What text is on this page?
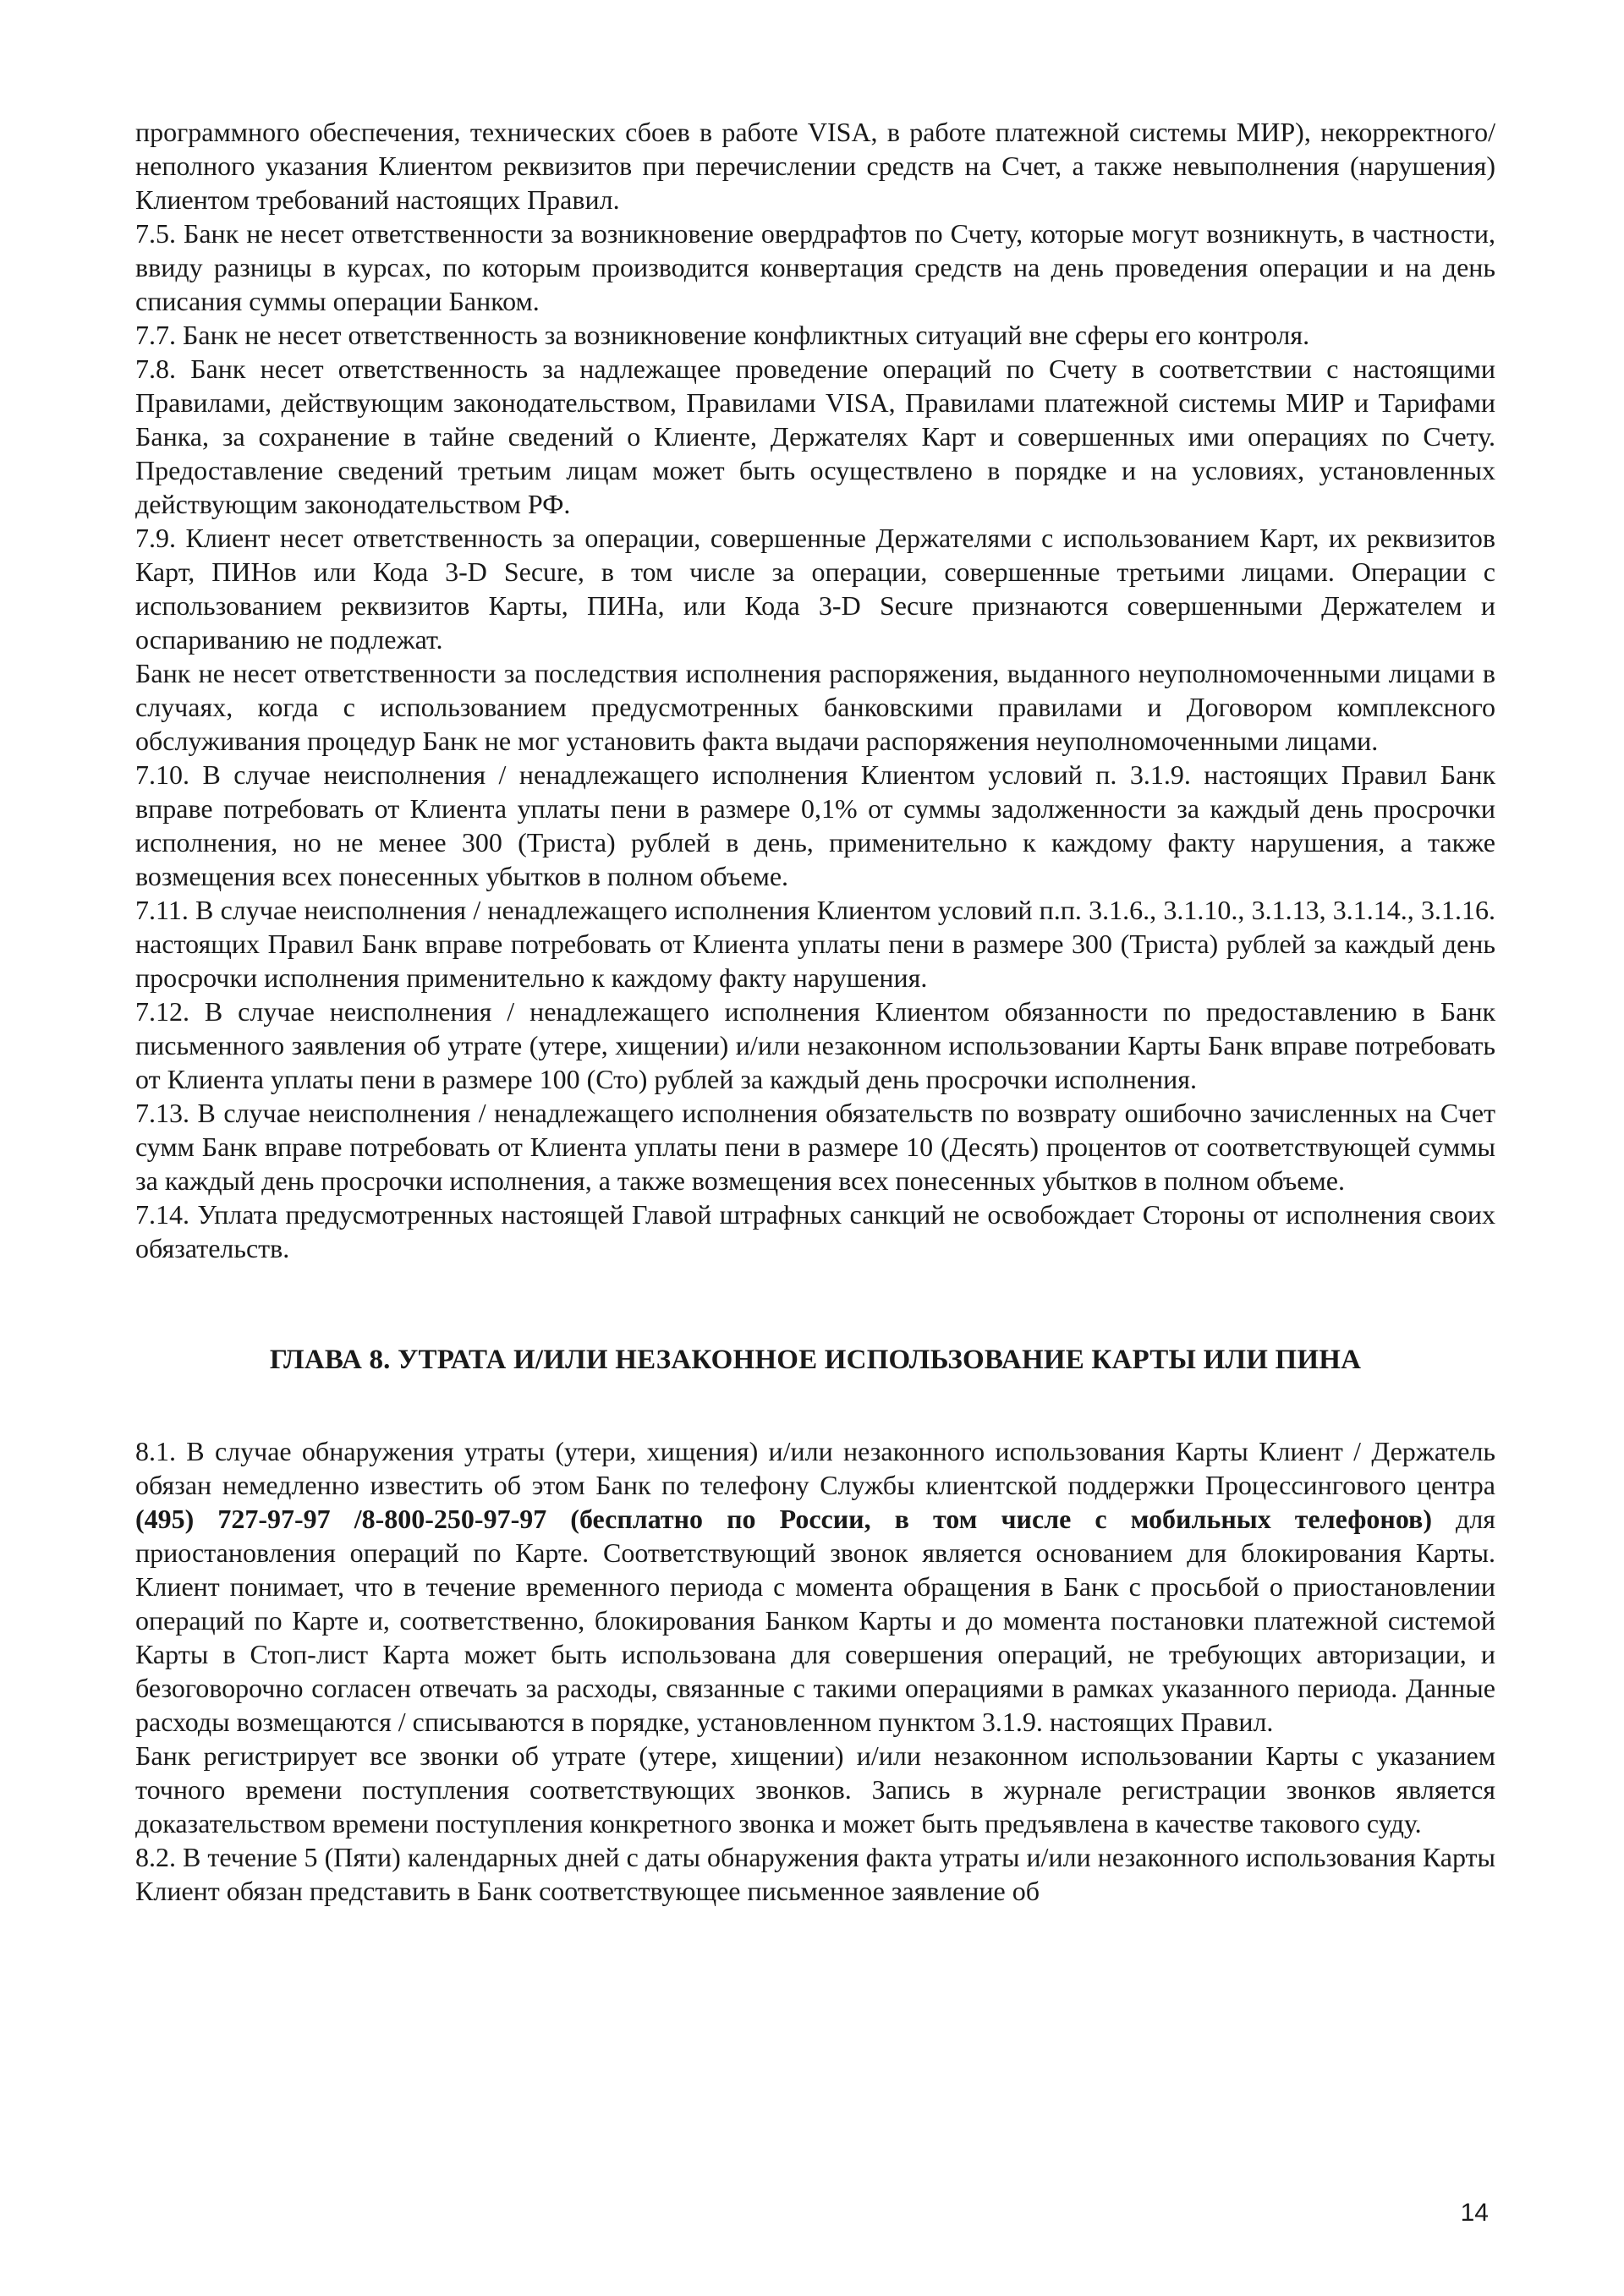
программного обеспечения, технических сбоев в работе VISA, в работе платежной системы МИР), некорректного/неполного указания Клиентом реквизитов при перечислении средств на Счет, а также невыполнения (нарушения) Клиентом требований настоящих Правил.

7.5. Банк не несет ответственности за возникновение овердрафтов по Счету, которые могут возникнуть, в частности, ввиду разницы в курсах, по которым производится конвертация средств на день проведения операции и на день списания суммы операции Банком.

7.7. Банк не несет ответственность за возникновение конфликтных ситуаций вне сферы его контроля.

7.8. Банк несет ответственность за надлежащее проведение операций по Счету в соответствии с настоящими Правилами, действующим законодательством, Правилами VISA, Правилами платежной системы МИР и Тарифами Банка, за сохранение в тайне сведений о Клиенте, Держателях Карт и совершенных ими операциях по Счету. Предоставление сведений третьим лицам может быть осуществлено в порядке и на условиях, установленных действующим законодательством РФ.

7.9. Клиент несет ответственность за операции, совершенные Держателями с использованием Карт, их реквизитов Карт, ПИНов или Кода 3-D Secure, в том числе за операции, совершенные третьими лицами. Операции с использованием реквизитов Карты, ПИНа, или Кода 3-D Secure признаются совершенными Держателем и оспариванию не подлежат.

Банк не несет ответственности за последствия исполнения распоряжения, выданного неуполномоченными лицами в случаях, когда с использованием предусмотренных банковскими правилами и Договором комплексного обслуживания процедур Банк не мог установить факта выдачи распоряжения неуполномоченными лицами.

7.10. В случае неисполнения / ненадлежащего исполнения Клиентом условий п. 3.1.9. настоящих Правил Банк вправе потребовать от Клиента уплаты пени в размере 0,1% от суммы задолженности за каждый день просрочки исполнения, но не менее 300 (Триста) рублей в день, применительно к каждому факту нарушения, а также возмещения всех понесенных убытков в полном объеме.

7.11. В случае неисполнения / ненадлежащего исполнения Клиентом условий п.п. 3.1.6., 3.1.10., 3.1.13, 3.1.14., 3.1.16. настоящих Правил Банк вправе потребовать от Клиента уплаты пени в размере 300 (Триста) рублей за каждый день просрочки исполнения применительно к каждому факту нарушения.

7.12. В случае неисполнения / ненадлежащего исполнения Клиентом обязанности по предоставлению в Банк письменного заявления об утрате (утере, хищении) и/или незаконном использовании Карты Банк вправе потребовать от Клиента уплаты пени в размере 100 (Сто) рублей за каждый день просрочки исполнения.

7.13. В случае неисполнения / ненадлежащего исполнения обязательств по возврату ошибочно зачисленных на Счет сумм Банк вправе потребовать от Клиента уплаты пени в размере 10 (Десять) процентов от соответствующей суммы за каждый день просрочки исполнения, а также возмещения всех понесенных убытков в полном объеме.

7.14. Уплата предусмотренных настоящей Главой штрафных санкций не освобождает Стороны от исполнения своих обязательств.

ГЛАВА 8. УТРАТА И/ИЛИ НЕЗАКОННОЕ ИСПОЛЬЗОВАНИЕ КАРТЫ ИЛИ ПИНА

8.1. В случае обнаружения утраты (утери, хищения) и/или незаконного использования Карты Клиент / Держатель обязан немедленно известить об этом Банк по телефону Службы клиентской поддержки Процессингового центра (495) 727-97-97 /8-800-250-97-97 (бесплатно по России, в том числе с мобильных телефонов) для приостановления операций по Карте. Соответствующий звонок является основанием для блокирования Карты. Клиент понимает, что в течение временного периода с момента обращения в Банк с просьбой о приостановлении операций по Карте и, соответственно, блокирования Банком Карты и до момента постановки платежной системой Карты в Стоп-лист Карта может быть использована для совершения операций, не требующих авторизации, и безоговорочно согласен отвечать за расходы, связанные с такими операциями в рамках указанного периода. Данные расходы возмещаются / списываются в порядке, установленном пунктом 3.1.9. настоящих Правил.

Банк регистрирует все звонки об утрате (утере, хищении) и/или незаконном использовании Карты с указанием точного времени поступления соответствующих звонков. Запись в журнале регистрации звонков является доказательством времени поступления конкретного звонка и может быть предъявлена в качестве такового суду.

8.2. В течение 5 (Пяти) календарных дней с даты обнаружения факта утраты и/или незаконного использования Карты Клиент обязан представить в Банк соответствующее письменное заявление об

14
